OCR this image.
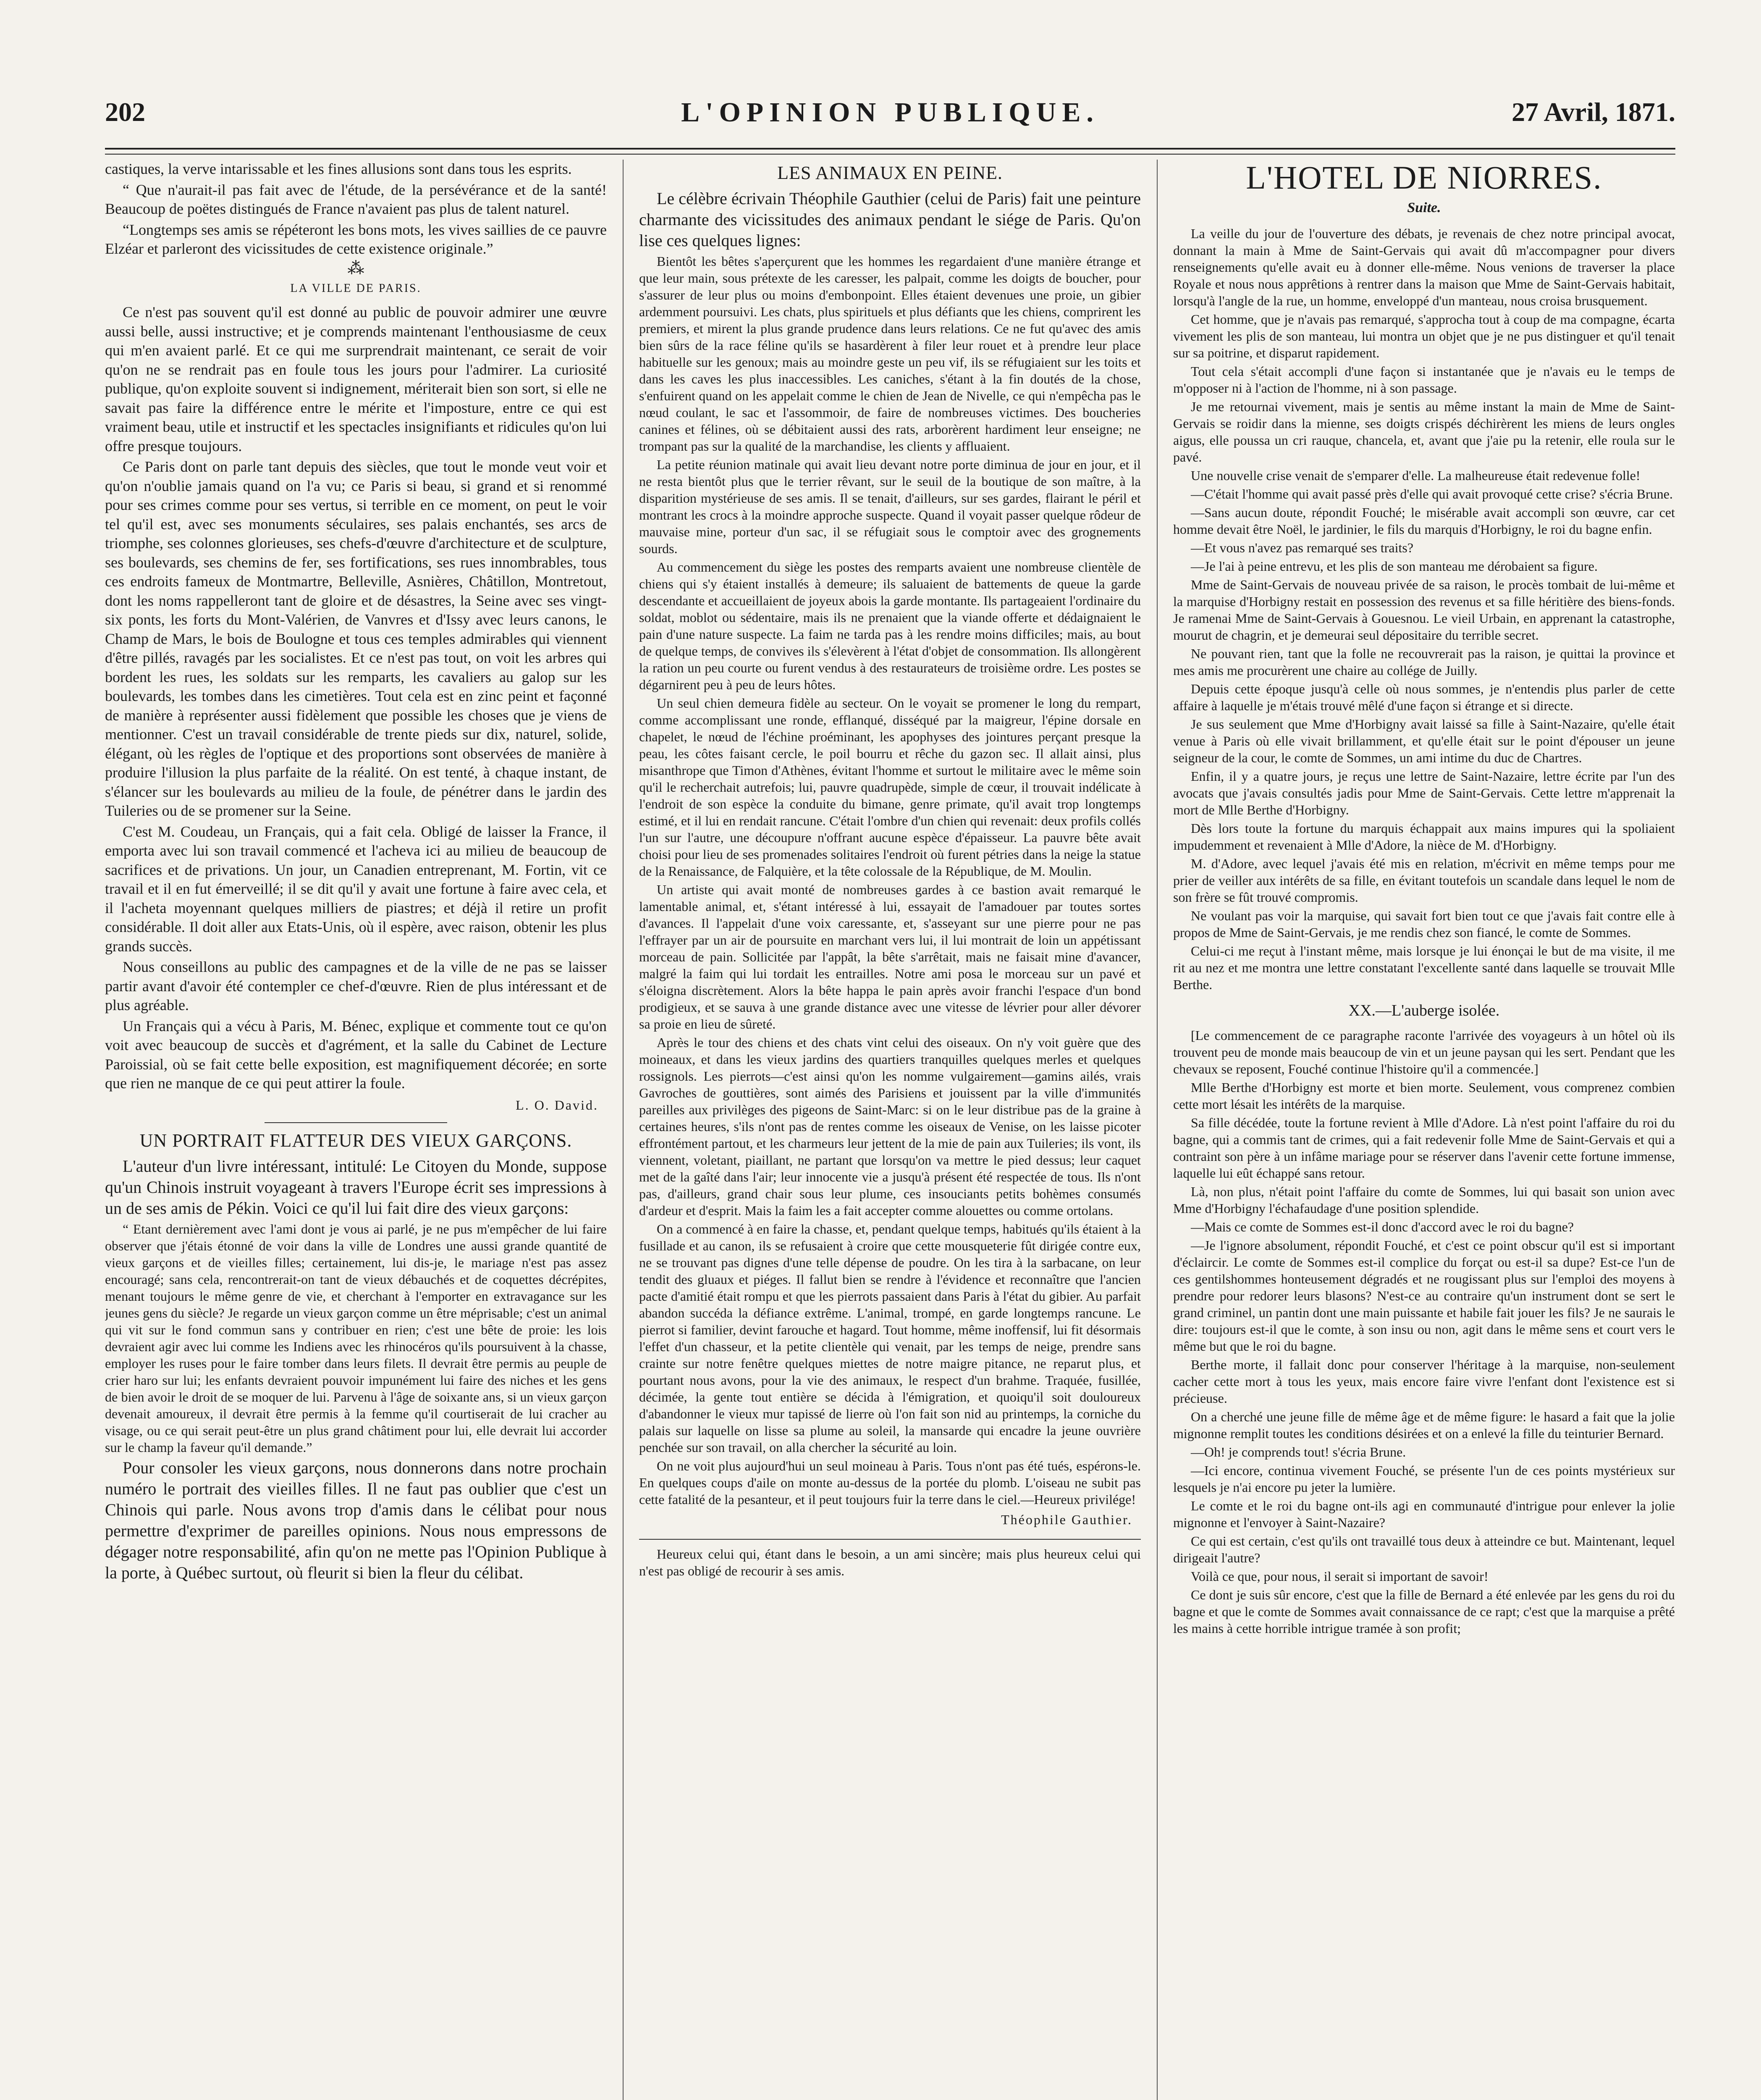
202	L'OPINION PUBLIQUE.	27 Avril, 1871.

castiques, la verve intarissable et les fines allusions sont dans tous les esprits.

“ Que n'aurait-il pas fait avec de l'étude, de la persévérance et de la santé! Beaucoup de poëtes distingués de France n'avaient pas plus de talent naturel.

“Longtemps ses amis se répéteront les bons mots, les vives saillies de ce pauvre Elzéar et parleront des vicissitudes de cette existence originale.”

⁂
LA VILLE DE PARIS.

Ce n'est pas souvent qu'il est donné au public de pouvoir admirer une œuvre aussi belle, aussi instructive; et je comprends maintenant l'enthousiasme de ceux qui m'en avaient parlé. Et ce qui me surprendrait maintenant, ce serait de voir qu'on ne se rendrait pas en foule tous les jours pour l'admirer. La curiosité publique, qu'on exploite souvent si indignement, mériterait bien son sort, si elle ne savait pas faire la différence entre le mérite et l'imposture, entre ce qui est vraiment beau, utile et instructif et les spectacles insignifiants et ridicules qu'on lui offre presque toujours.

Ce Paris dont on parle tant depuis des siècles, que tout le monde veut voir et qu'on n'oublie jamais quand on l'a vu; ce Paris si beau, si grand et si renommé pour ses crimes comme pour ses vertus, si terrible en ce moment, on peut le voir tel qu'il est, avec ses monuments séculaires, ses palais enchantés, ses arcs de triomphe, ses colonnes glorieuses, ses chefs-d'œuvre d'architecture et de sculpture, ses boulevards, ses chemins de fer, ses fortifications, ses rues innombrables, tous ces endroits fameux de Montmartre, Belleville, Asnières, Châtillon, Montretout, dont les noms rappelleront tant de gloire et de désastres, la Seine avec ses vingt-six ponts, les forts du Mont-Valérien, de Vanvres et d'Issy avec leurs canons, le Champ de Mars, le bois de Boulogne et tous ces temples admirables qui viennent d'être pillés, ravagés par les socialistes. Et ce n'est pas tout, on voit les arbres qui bordent les rues, les soldats sur les remparts, les cavaliers au galop sur les boulevards, les tombes dans les cimetières. Tout cela est en zinc peint et façonné de manière à représenter aussi fidèlement que possible les choses que je viens de mentionner. C'est un travail considérable de trente pieds sur dix, naturel, solide, élégant, où les règles de l'optique et des proportions sont observées de manière à produire l'illusion la plus parfaite de la réalité. On est tenté, à chaque instant, de s'élancer sur les boulevards au milieu de la foule, de pénétrer dans le jardin des Tuileries ou de se promener sur la Seine.

C'est M. Coudeau, un Français, qui a fait cela. Obligé de laisser la France, il emporta avec lui son travail commencé et l'acheva ici au milieu de beaucoup de sacrifices et de privations. Un jour, un Canadien entreprenant, M. Fortin, vit ce travail et il en fut émerveillé; il se dit qu'il y avait une fortune à faire avec cela, et il l'acheta moyennant quelques milliers de piastres; et déjà il retire un profit considérable. Il doit aller aux Etats-Unis, où il espère, avec raison, obtenir les plus grands succès.

Nous conseillons au public des campagnes et de la ville de ne pas se laisser partir avant d'avoir été contempler ce chef-d'œuvre. Rien de plus intéressant et de plus agréable.

Un Français qui a vécu à Paris, M. Bénec, explique et commente tout ce qu'on voit avec beaucoup de succès et d'agrément, et la salle du Cabinet de Lecture Paroissial, où se fait cette belle exposition, est magnifiquement décorée; en sorte que rien ne manque de ce qui peut attirer la foule.

L. O. David.
UN PORTRAIT FLATTEUR DES VIEUX GARÇONS.

L'auteur d'un livre intéressant, intitulé: Le Citoyen du Monde, suppose qu'un Chinois instruit voyageant à travers l'Europe écrit ses impressions à un de ses amis de Pékin. Voici ce qu'il lui fait dire des vieux garçons:

“ Etant dernièrement avec l'ami dont je vous ai parlé, je ne pus m'empêcher de lui faire observer que j'étais étonné de voir dans la ville de Londres une aussi grande quantité de vieux garçons et de vieilles filles; certainement, lui dis-je, le mariage n'est pas assez encouragé; sans cela, rencontrerait-on tant de vieux débauchés et de coquettes décrépites, menant toujours le même genre de vie, et cherchant à l'emporter en extravagance sur les jeunes gens du siècle? Je regarde un vieux garçon comme un être méprisable; c'est un animal qui vit sur le fond commun sans y contribuer en rien; c'est une bête de proie: les lois devraient agir avec lui comme les Indiens avec les rhinocéros qu'ils poursuivent à la chasse, employer les ruses pour le faire tomber dans leurs filets. Il devrait être permis au peuple de crier haro sur lui; les enfants devraient pouvoir impunément lui faire des niches et les gens de bien avoir le droit de se moquer de lui. Parvenu à l'âge de soixante ans, si un vieux garçon devenait amoureux, il devrait être permis à la femme qu'il courtiserait de lui cracher au visage, ou ce qui serait peut-être un plus grand châtiment pour lui, elle devrait lui accorder sur le champ la faveur qu'il demande.”

Pour consoler les vieux garçons, nous donnerons dans notre prochain numéro le portrait des vieilles filles. Il ne faut pas oublier que c'est un Chinois qui parle. Nous avons trop d'amis dans le célibat pour nous permettre d'exprimer de pareilles opinions. Nous nous empressons de dégager notre responsabilité, afin qu'on ne mette pas l'Opinion Publique à la porte, à Québec surtout, où fleurit si bien la fleur du célibat.

LES ANIMAUX EN PEINE.

Le célèbre écrivain Théophile Gauthier (celui de Paris) fait une peinture charmante des vicissitudes des animaux pendant le siége de Paris. Qu'on lise ces quelques lignes:

Bientôt les bêtes s'aperçurent que les hommes les regardaient d'une manière étrange et que leur main, sous prétexte de les caresser, les palpait, comme les doigts de boucher, pour s'assurer de leur plus ou moins d'embonpoint. Elles étaient devenues une proie, un gibier ardemment poursuivi. Les chats, plus spirituels et plus défiants que les chiens, comprirent les premiers, et mirent la plus grande prudence dans leurs relations. Ce ne fut qu'avec des amis bien sûrs de la race féline qu'ils se hasardèrent à filer leur rouet et à prendre leur place habituelle sur les genoux; mais au moindre geste un peu vif, ils se réfugiaient sur les toits et dans les caves les plus inaccessibles. Les caniches, s'étant à la fin doutés de la chose, s'enfuirent quand on les appelait comme le chien de Jean de Nivelle, ce qui n'empêcha pas le nœud coulant, le sac et l'assommoir, de faire de nombreuses victimes. Des boucheries canines et félines, où se débitaient aussi des rats, arborèrent hardiment leur enseigne; ne trompant pas sur la qualité de la marchandise, les clients y affluaient.

La petite réunion matinale qui avait lieu devant notre porte diminua de jour en jour, et il ne resta bientôt plus que le terrier rêvant, sur le seuil de la boutique de son maître, à la disparition mystérieuse de ses amis. Il se tenait, d'ailleurs, sur ses gardes, flairant le péril et montrant les crocs à la moindre approche suspecte. Quand il voyait passer quelque rôdeur de mauvaise mine, porteur d'un sac, il se réfugiait sous le comptoir avec des grognements sourds.

Au commencement du siège les postes des remparts avaient une nombreuse clientèle de chiens qui s'y étaient installés à demeure; ils saluaient de battements de queue la garde descendante et accueillaient de joyeux abois la garde montante. Ils partageaient l'ordinaire du soldat, moblot ou sédentaire, mais ils ne prenaient que la viande offerte et dédaignaient le pain d'une nature suspecte. La faim ne tarda pas à les rendre moins difficiles; mais, au bout de quelque temps, de convives ils s'élevèrent à l'état d'objet de consommation. Ils allongèrent la ration un peu courte ou furent vendus à des restaurateurs de troisième ordre. Les postes se dégarnirent peu à peu de leurs hôtes.

Un seul chien demeura fidèle au secteur. On le voyait se promener le long du rempart, comme accomplissant une ronde, efflanqué, disséqué par la maigreur, l'épine dorsale en chapelet, le nœud de l'échine proéminant, les apophyses des jointures perçant presque la peau, les côtes faisant cercle, le poil bourru et rêche du gazon sec. Il allait ainsi, plus misanthrope que Timon d'Athènes, évitant l'homme et surtout le militaire avec le même soin qu'il le recherchait autrefois; lui, pauvre quadrupède, simple de cœur, il trouvait indélicate à l'endroit de son espèce la conduite du bimane, genre primate, qu'il avait trop longtemps estimé, et il lui en rendait rancune. C'était l'ombre d'un chien qui revenait: deux profils collés l'un sur l'autre, une découpure n'offrant aucune espèce d'épaisseur. La pauvre bête avait choisi pour lieu de ses promenades solitaires l'endroit où furent pétries dans la neige la statue de la Renaissance, de Falquière, et la tête colossale de la République, de M. Moulin.

Un artiste qui avait monté de nombreuses gardes à ce bastion avait remarqué le lamentable animal, et, s'étant intéressé à lui, essayait de l'amadouer par toutes sortes d'avances. Il l'appelait d'une voix caressante, et, s'asseyant sur une pierre pour ne pas l'effrayer par un air de poursuite en marchant vers lui, il lui montrait de loin un appétissant morceau de pain. Sollicitée par l'appât, la bête s'arrêtait, mais ne faisait mine d'avancer, malgré la faim qui lui tordait les entrailles. Notre ami posa le morceau sur un pavé et s'éloigna discrètement. Alors la bête happa le pain après avoir franchi l'espace d'un bond prodigieux, et se sauva à une grande distance avec une vitesse de lévrier pour aller dévorer sa proie en lieu de sûreté.

Après le tour des chiens et des chats vint celui des oiseaux. On n'y voit guère que des moineaux, et dans les vieux jardins des quartiers tranquilles quelques merles et quelques rossignols. Les pierrots—c'est ainsi qu'on les nomme vulgairement—gamins ailés, vrais Gavroches de gouttières, sont aimés des Parisiens et jouissent par la ville d'immunités pareilles aux privilèges des pigeons de Saint-Marc: si on le leur distribue pas de la graine à certaines heures, s'ils n'ont pas de rentes comme les oiseaux de Venise, on les laisse picoter effrontément partout, et les charmeurs leur jettent de la mie de pain aux Tuileries; ils vont, ils viennent, voletant, piaillant, ne partant que lorsqu'on va mettre le pied dessus; leur caquet met de la gaîté dans l'air; leur innocente vie a jusqu'à présent été respectée de tous. Ils n'ont pas, d'ailleurs, grand chair sous leur plume, ces insouciants petits bohèmes consumés d'ardeur et d'esprit. Mais la faim les a fait accepter comme alouettes ou comme ortolans.

On a commencé à en faire la chasse, et, pendant quelque temps, habitués qu'ils étaient à la fusillade et au canon, ils se refusaient à croire que cette mousqueterie fût dirigée contre eux, ne se trouvant pas dignes d'une telle dépense de poudre. On les tira à la sarbacane, on leur tendit des gluaux et piéges. Il fallut bien se rendre à l'évidence et reconnaître que l'ancien pacte d'amitié était rompu et que les pierrots passaient dans Paris à l'état du gibier. Au parfait abandon succéda la défiance extrême. L'animal, trompé, en garde longtemps rancune. Le pierrot si familier, devint farouche et hagard. Tout homme, même inoffensif, lui fit désormais l'effet d'un chasseur, et la petite clientèle qui venait, par les temps de neige, prendre sans crainte sur notre fenêtre quelques miettes de notre maigre pitance, ne reparut plus, et pourtant nous avons, pour la vie des animaux, le respect d'un brahme. Traquée, fusillée, décimée, la gente tout entière se décida à l'émigration, et quoiqu'il soit douloureux d'abandonner le vieux mur tapissé de lierre où l'on fait son nid au printemps, la corniche du palais sur laquelle on lisse sa plume au soleil, la mansarde qui encadre la jeune ouvrière penchée sur son travail, on alla chercher la sécurité au loin.

On ne voit plus aujourd'hui un seul moineau à Paris. Tous n'ont pas été tués, espérons-le. En quelques coups d'aile on monte au-dessus de la portée du plomb. L'oiseau ne subit pas cette fatalité de la pesanteur, et il peut toujours fuir la terre dans le ciel.—Heureux privilége!

Théophile Gauthier.

Heureux celui qui, étant dans le besoin, a un ami sincère; mais plus heureux celui qui n'est pas obligé de recourir à ses amis.

L'HOTEL DE NIORRES.
Suite.

La veille du jour de l'ouverture des débats, je revenais de chez notre principal avocat, donnant la main à Mme de Saint-Gervais qui avait dû m'accompagner pour divers renseignements qu'elle avait eu à donner elle-même. Nous venions de traverser la place Royale et nous nous apprêtions à rentrer dans la maison que Mme de Saint-Gervais habitait, lorsqu'à l'angle de la rue, un homme, enveloppé d'un manteau, nous croisa brusquement.

Cet homme, que je n'avais pas remarqué, s'approcha tout à coup de ma compagne, écarta vivement les plis de son manteau, lui montra un objet que je ne pus distinguer et qu'il tenait sur sa poitrine, et disparut rapidement.

Tout cela s'était accompli d'une façon si instantanée que je n'avais eu le temps de m'opposer ni à l'action de l'homme, ni à son passage.

Je me retournai vivement, mais je sentis au même instant la main de Mme de Saint-Gervais se roidir dans la mienne, ses doigts crispés déchirèrent les miens de leurs ongles aigus, elle poussa un cri rauque, chancela, et, avant que j'aie pu la retenir, elle roula sur le pavé.

Une nouvelle crise venait de s'emparer d'elle. La malheureuse était redevenue folle!

—C'était l'homme qui avait passé près d'elle qui avait provoqué cette crise? s'écria Brune.

—Sans aucun doute, répondit Fouché; le misérable avait accompli son œuvre, car cet homme devait être Noël, le jardinier, le fils du marquis d'Horbigny, le roi du bagne enfin.

—Et vous n'avez pas remarqué ses traits?

—Je l'ai à peine entrevu, et les plis de son manteau me dérobaient sa figure.

Mme de Saint-Gervais de nouveau privée de sa raison, le procès tombait de lui-même et la marquise d'Horbigny restait en possession des revenus et sa fille héritière des biens-fonds. Je ramenai Mme de Saint-Gervais à Gouesnou. Le vieil Urbain, en apprenant la catastrophe, mourut de chagrin, et je demeurai seul dépositaire du terrible secret.

Ne pouvant rien, tant que la folle ne recouvrerait pas la raison, je quittai la province et mes amis me procurèrent une chaire au collége de Juilly.

Depuis cette époque jusqu'à celle où nous sommes, je n'entendis plus parler de cette affaire à laquelle je m'étais trouvé mêlé d'une façon si étrange et si directe.

Je sus seulement que Mme d'Horbigny avait laissé sa fille à Saint-Nazaire, qu'elle était venue à Paris où elle vivait brillamment, et qu'elle était sur le point d'épouser un jeune seigneur de la cour, le comte de Sommes, un ami intime du duc de Chartres.

Enfin, il y a quatre jours, je reçus une lettre de Saint-Nazaire, lettre écrite par l'un des avocats que j'avais consultés jadis pour Mme de Saint-Gervais. Cette lettre m'apprenait la mort de Mlle Berthe d'Horbigny.

Dès lors toute la fortune du marquis échappait aux mains impures qui la spoliaient impudemment et revenaient à Mlle d'Adore, la nièce de M. d'Horbigny.

M. d'Adore, avec lequel j'avais été mis en relation, m'écrivit en même temps pour me prier de veiller aux intérêts de sa fille, en évitant toutefois un scandale dans lequel le nom de son frère se fût trouvé compromis.

Ne voulant pas voir la marquise, qui savait fort bien tout ce que j'avais fait contre elle à propos de Mme de Saint-Gervais, je me rendis chez son fiancé, le comte de Sommes.

Celui-ci me reçut à l'instant même, mais lorsque je lui énonçai le but de ma visite, il me rit au nez et me montra une lettre constatant l'excellente santé dans laquelle se trouvait Mlle Berthe.

XX.—L'auberge isolée.

[Le commencement de ce paragraphe raconte l'arrivée des voyageurs à un hôtel où ils trouvent peu de monde mais beaucoup de vin et un jeune paysan qui les sert. Pendant que les chevaux se reposent, Fouché continue l'histoire qu'il a commencée.]

Mlle Berthe d'Horbigny est morte et bien morte. Seulement, vous comprenez combien cette mort lésait les intérêts de la marquise.

Sa fille décédée, toute la fortune revient à Mlle d'Adore. Là n'est point l'affaire du roi du bagne, qui a commis tant de crimes, qui a fait redevenir folle Mme de Saint-Gervais et qui a contraint son père à un infâme mariage pour se réserver dans l'avenir cette fortune immense, laquelle lui eût échappé sans retour.

Là, non plus, n'était point l'affaire du comte de Sommes, lui qui basait son union avec Mme d'Horbigny l'échafaudage d'une position splendide.

—Mais ce comte de Sommes est-il donc d'accord avec le roi du bagne?

—Je l'ignore absolument, répondit Fouché, et c'est ce point obscur qu'il est si important d'éclaircir. Le comte de Sommes est-il complice du forçat ou est-il sa dupe? Est-ce l'un de ces gentilshommes honteusement dégradés et ne rougissant plus sur l'emploi des moyens à prendre pour redorer leurs blasons? N'est-ce au contraire qu'un instrument dont se sert le grand criminel, un pantin dont une main puissante et habile fait jouer les fils? Je ne saurais le dire: toujours est-il que le comte, à son insu ou non, agit dans le même sens et court vers le même but que le roi du bagne.

Berthe morte, il fallait donc pour conserver l'héritage à la marquise, non-seulement cacher cette mort à tous les yeux, mais encore faire vivre l'enfant dont l'existence est si précieuse.

On a cherché une jeune fille de même âge et de même figure: le hasard a fait que la jolie mignonne remplit toutes les conditions désirées et on a enlevé la fille du teinturier Bernard.

—Oh! je comprends tout! s'écria Brune.

—Ici encore, continua vivement Fouché, se présente l'un de ces points mystérieux sur lesquels je n'ai encore pu jeter la lumière.

Le comte et le roi du bagne ont-ils agi en communauté d'intrigue pour enlever la jolie mignonne et l'envoyer à Saint-Nazaire?

Ce qui est certain, c'est qu'ils ont travaillé tous deux à atteindre ce but. Maintenant, lequel dirigeait l'autre?

Voilà ce que, pour nous, il serait si important de savoir!

Ce dont je suis sûr encore, c'est que la fille de Bernard a été enlevée par les gens du roi du bagne et que le comte de Sommes avait connaissance de ce rapt; c'est que la marquise a prêté les mains à cette horrible intrigue tramée à son profit;
